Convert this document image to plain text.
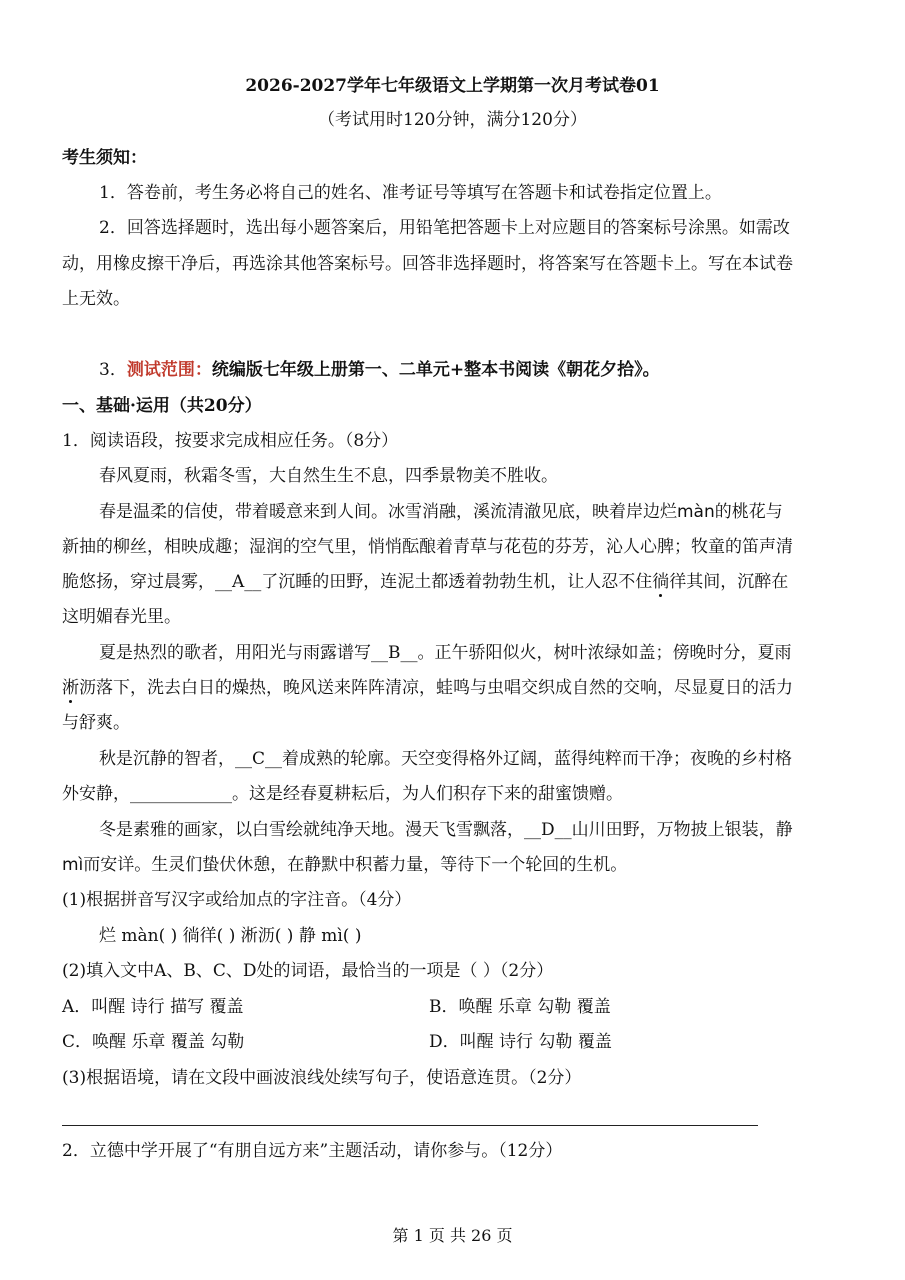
2026-2027学年七年级语文上学期第一次月考试卷01
（考试用时120分钟，满分120分）
考生须知：
1．答卷前，考生务必将自己的姓名、准考证号等填写在答题卡和试卷指定位置上。
2．回答选择题时，选出每小题答案后，用铅笔把答题卡上对应题目的答案标号涂黑。如需改
动，用橡皮擦干净后，再选涂其他答案标号。回答非选择题时，将答案写在答题卡上。写在本试卷
上无效。
3．测试范围：统编版七年级上册第一、二单元+整本书阅读《朝花夕拾》。
一、基础·运用（共20分）
1．阅读语段，按要求完成相应任务。（8分）
春风夏雨，秋霜冬雪，大自然生生不息，四季景物美不胜收。
春是温柔的信使，带着暖意来到人间。冰雪消融，溪流清澈见底，映着岸边烂màn的桃花与
新抽的柳丝，相映成趣；湿润的空气里，悄悄酝酿着青草与花苞的芬芳，沁人心脾；牧童的笛声清
脆悠扬，穿过晨雾，__A__了沉睡的田野，连泥土都透着勃勃生机，让人忍不住徜徉其间，沉醉在
这明媚春光里。
夏是热烈的歌者，用阳光与雨露谱写__B__。正午骄阳似火，树叶浓绿如盖；傍晚时分，夏雨
淅沥落下，洗去白日的燥热，晚风送来阵阵清凉，蛙鸣与虫唱交织成自然的交响，尽显夏日的活力
与舒爽。
秋是沉静的智者，__C__着成熟的轮廓。天空变得格外辽阔，蓝得纯粹而干净；夜晚的乡村格
外安静，____________。这是经春夏耕耘后，为人们积存下来的甜蜜馈赠。
冬是素雅的画家，以白雪绘就纯净天地。漫天飞雪飘落，__D__山川田野，万物披上银装，静
mì而安详。生灵们蛰伏休憩，在静默中积蓄力量，等待下一个轮回的生机。
(1)根据拼音写汉字或给加点的字注音。（4分）
烂 màn( ) 徜徉( ) 淅沥( ) 静 mì( )
(2)填入文中A、B、C、D处的词语，最恰当的一项是（ ）（2分）
A．叫醒 诗行 描写 覆盖	B．唤醒 乐章 勾勒 覆盖
C．唤醒 乐章 覆盖 勾勒	D．叫醒 诗行 勾勒 覆盖
(3)根据语境，请在文段中画波浪线处续写句子，使语意连贯。（2分）
2．立德中学开展了“有朋自远方来”主题活动，请你参与。（12分）
第 1 页 共 26 页
